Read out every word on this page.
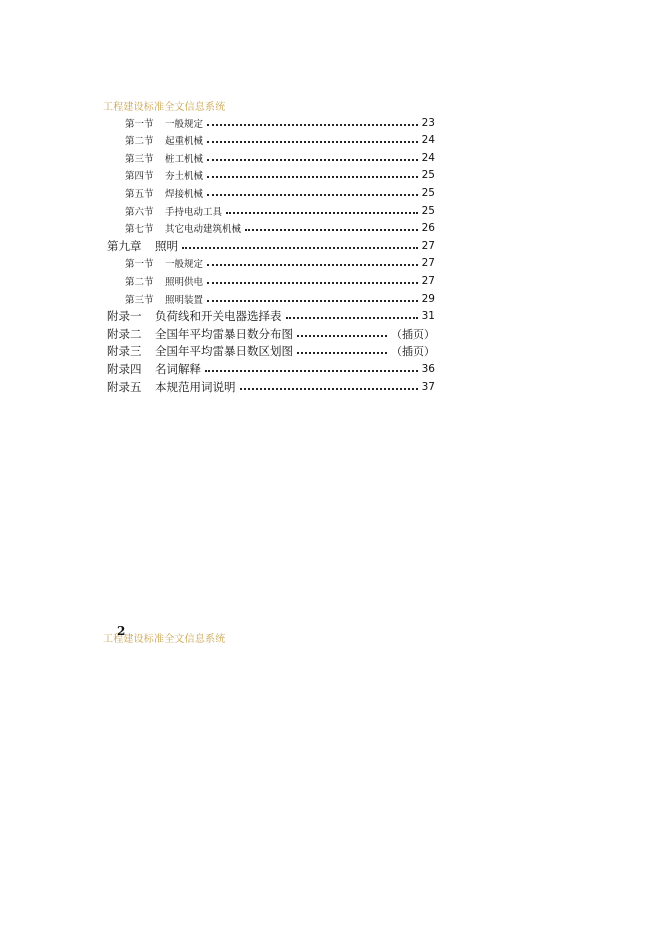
工程建设标准全文信息系统
第一节	一般规定	23
第二节	起重机械	24
第三节	桩工机械	24
第四节	夯土机械	25
第五节	焊接机械	25
第六节	手持电动工具	25
第七节	其它电动建筑机械	26
第九章	照明	27
第一节	一般规定	27
第二节	照明供电	27
第三节	照明装置	29
附录一	负荷线和开关电器选择表	31
附录二	全国年平均雷暴日数分布图	（插页）
附录三	全国年平均雷暴日数区划图	（插页）
附录四	名词解释	36
附录五	本规范用词说明	37
工程建设标准全文信息系统
2
